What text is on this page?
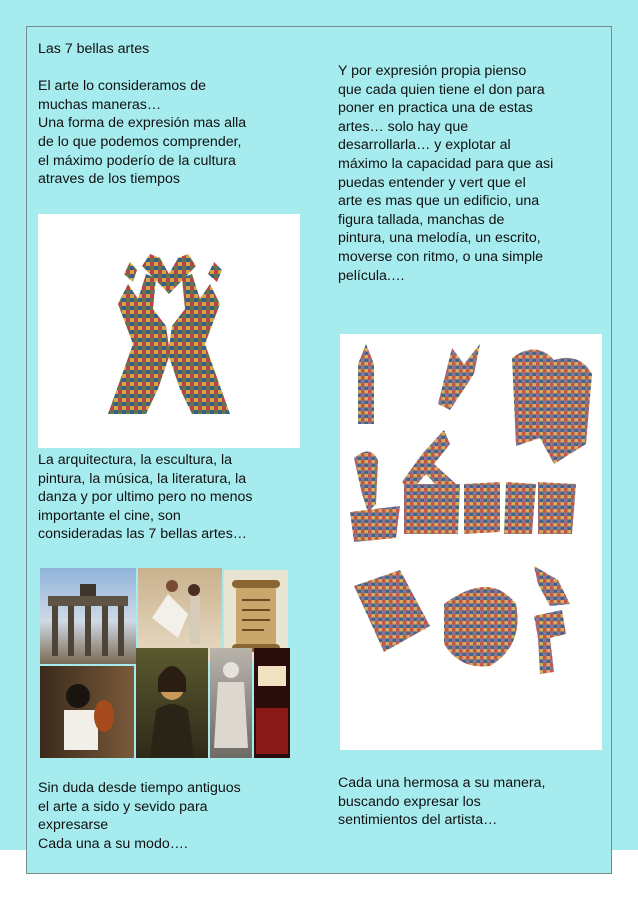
Las 7 bellas artes

El arte lo consideramos de
muchas maneras…
Una forma de expresión mas alla
de lo que podemos comprender,
el máximo poderío de la cultura
atraves de los tiempos
La arquitectura, la escultura, la
pintura, la música, la literatura, la
danza y por ultimo pero no menos
importante el cine, son
consideradas las 7 bellas artes…
Sin duda desde tiempo antiguos
el arte a sido y sevido para
expresarse
Cada una a su modo….
Y por expresión propia pienso
que cada quien tiene el don para
poner en practica una de estas
artes… solo hay que
desarrollarla… y explotar al
máximo la capacidad para que asi
puedas entender y vert que el
arte es mas que un edificio, una
figura tallada, manchas de
pintura, una melodía, un escrito,
moverse con ritmo, o una simple
película.…
Cada una hermosa a su manera,
buscando expresar los
sentimientos del artista…
